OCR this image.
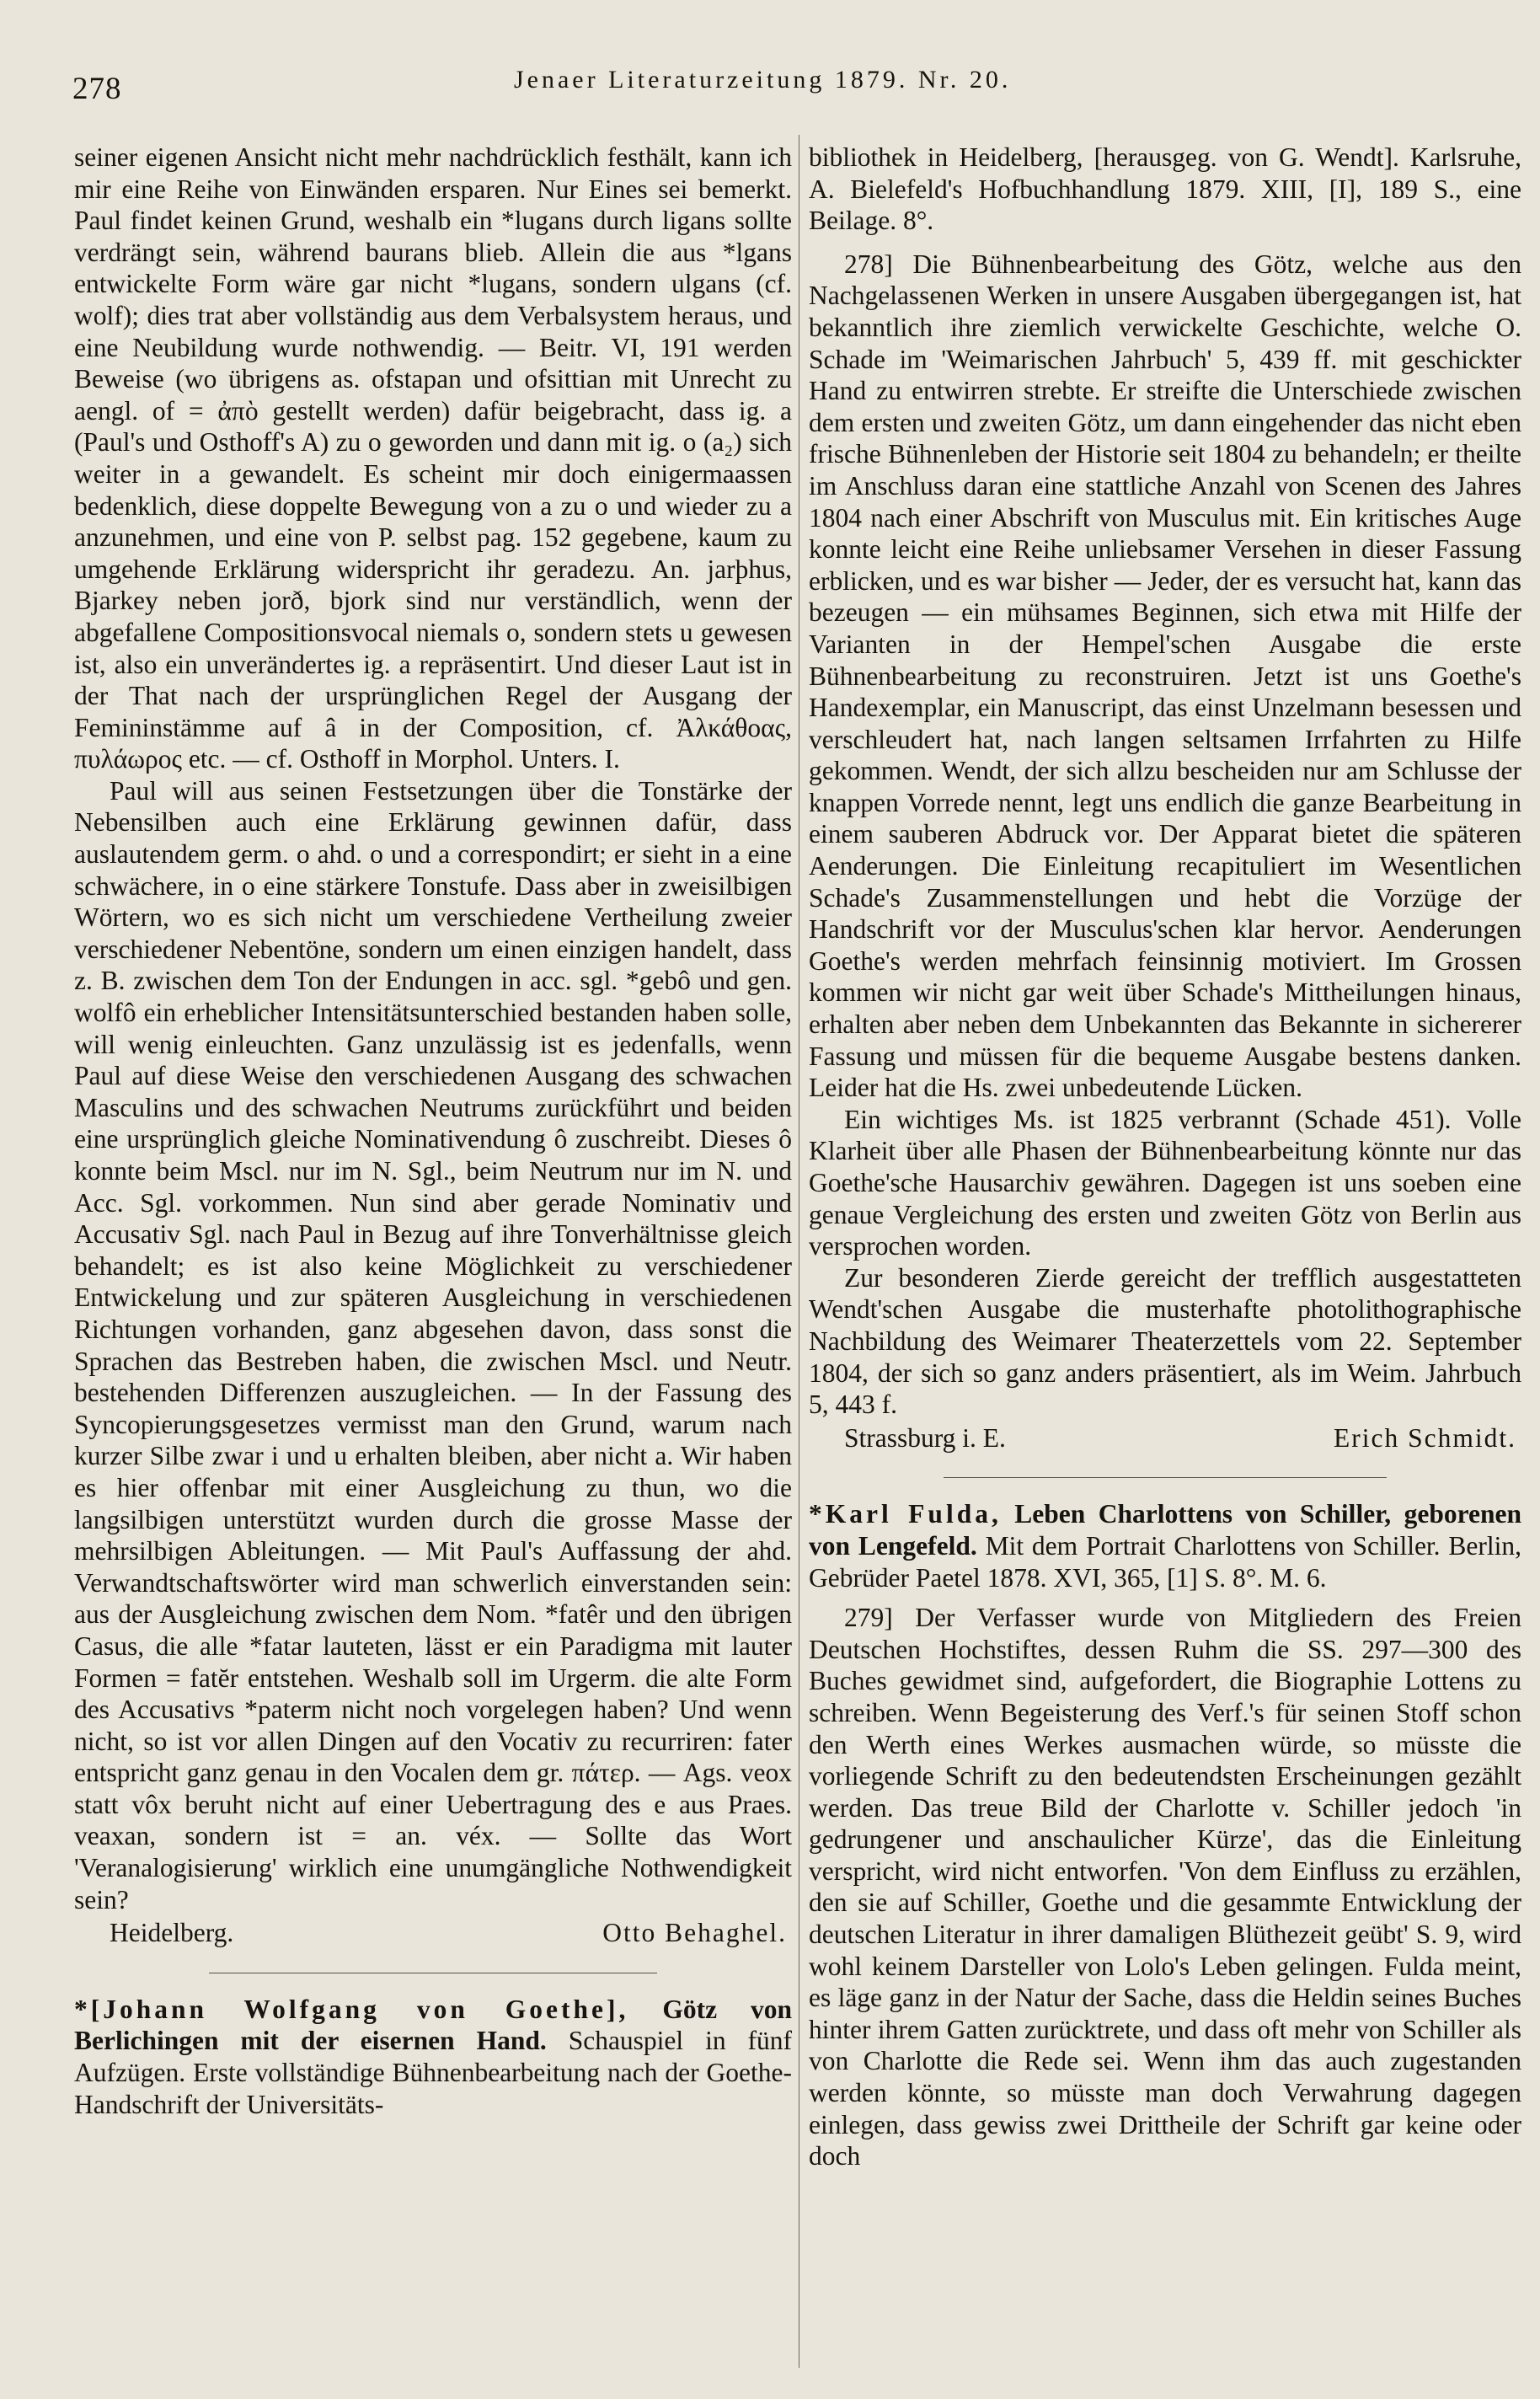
278	Jenaer Literaturzeitung 1879. Nr. 20.

seiner eigenen Ansicht nicht mehr nachdrücklich festhält, kann ich mir eine Reihe von Einwänden ersparen. Nur Eines sei bemerkt. Paul findet keinen Grund, weshalb ein *lugans durch ligans sollte verdrängt sein, während baurans blieb. Allein die aus *lgans entwickelte Form wäre gar nicht *lugans, sondern ulgans (cf. wolf); dies trat aber vollständig aus dem Verbalsystem heraus, und eine Neubildung wurde nothwendig. — Beitr. VI, 191 werden Beweise (wo übrigens as. ofstapan und ofsittian mit Unrecht zu aengl. of = ἀπὸ gestellt werden) dafür beigebracht, dass ig. a (Paul's und Osthoff's A) zu o geworden und dann mit ig. o (a₂) sich weiter in a gewandelt. Es scheint mir doch einigermaassen bedenklich, diese doppelte Bewegung von a zu o und wieder zu a anzunehmen, und eine von P. selbst pag. 152 gegebene, kaum zu umgehende Erklärung widerspricht ihr geradezu. An. jarþhus, Bjarkey neben jorð, bjork sind nur verständlich, wenn der abgefallene Compositionsvocal niemals o, sondern stets u gewesen ist, also ein unverändertes ig. a repräsentirt. Und dieser Laut ist in der That nach der ursprünglichen Regel der Ausgang der Femininstämme auf â in der Composition, cf. Ἀλκάθοας, πυλάωρος etc. — cf. Osthoff in Morphol. Unters. I.

Paul will aus seinen Festsetzungen über die Tonstärke der Nebensilben auch eine Erklärung gewinnen dafür, dass auslautendem germ. o ahd. o und a correspondirt; er sieht in a eine schwächere, in o eine stärkere Tonstufe. Dass aber in zweisilbigen Wörtern, wo es sich nicht um verschiedene Vertheilung zweier verschiedener Nebentöne, sondern um einen einzigen handelt, dass z. B. zwischen dem Ton der Endungen in acc. sgl. *gebô und gen. wolfô ein erheblicher Intensitätsunterschied bestanden haben solle, will wenig einleuchten. Ganz unzulässig ist es jedenfalls, wenn Paul auf diese Weise den verschiedenen Ausgang des schwachen Masculins und des schwachen Neutrums zurückführt und beiden eine ursprünglich gleiche Nominativendung ô zuschreibt. Dieses ô konnte beim Mscl. nur im N. Sgl., beim Neutrum nur im N. und Acc. Sgl. vorkommen. Nun sind aber gerade Nominativ und Accusativ Sgl. nach Paul in Bezug auf ihre Tonverhältnisse gleich behandelt; es ist also keine Möglichkeit zu verschiedener Entwickelung und zur späteren Ausgleichung in verschiedenen Richtungen vorhanden, ganz abgesehen davon, dass sonst die Sprachen das Bestreben haben, die zwischen Mscl. und Neutr. bestehenden Differenzen auszugleichen. — In der Fassung des Syncopierungsgesetzes vermisst man den Grund, warum nach kurzer Silbe zwar i und u erhalten bleiben, aber nicht a. Wir haben es hier offenbar mit einer Ausgleichung zu thun, wo die langsilbigen unterstützt wurden durch die grosse Masse der mehrsilbigen Ableitungen. — Mit Paul's Auffassung der ahd. Verwandtschaftswörter wird man schwerlich einverstanden sein: aus der Ausgleichung zwischen dem Nom. *fatêr und den übrigen Casus, die alle *fatar lauteten, lässt er ein Paradigma mit lauter Formen = fatĕr entstehen. Weshalb soll im Urgerm. die alte Form des Accusativs *paterm nicht noch vorgelegen haben? Und wenn nicht, so ist vor allen Dingen auf den Vocativ zu recurriren: fater entspricht ganz genau in den Vocalen dem gr. πάτερ. — Ags. veox statt vôx beruht nicht auf einer Uebertragung des e aus Praes. veaxan, sondern ist = an. véx. — Sollte das Wort 'Veranalogisierung' wirklich eine unumgängliche Nothwendigkeit sein?

Heidelberg.	Otto Behaghel.

* [Johann Wolfgang von Goethe], Götz von Berlichingen mit der eisernen Hand. Schauspiel in fünf Aufzügen. Erste vollständige Bühnenbearbeitung nach der Goethe-Handschrift der Universitäts-

bibliothek in Heidelberg, [herausgeg. von G. Wendt]. Karlsruhe, A. Bielefeld's Hofbuchhandlung 1879. XIII, [I], 189 S., eine Beilage. 8°.

278] Die Bühnenbearbeitung des Götz, welche aus den Nachgelassenen Werken in unsere Ausgaben übergegangen ist, hat bekanntlich ihre ziemlich verwickelte Geschichte, welche O. Schade im 'Weimarischen Jahrbuch' 5, 439 ff. mit geschickter Hand zu entwirren strebte. Er streifte die Unterschiede zwischen dem ersten und zweiten Götz, um dann eingehender das nicht eben frische Bühnenleben der Historie seit 1804 zu behandeln; er theilte im Anschluss daran eine stattliche Anzahl von Scenen des Jahres 1804 nach einer Abschrift von Musculus mit. Ein kritisches Auge konnte leicht eine Reihe unliebsamer Versehen in dieser Fassung erblicken, und es war bisher — Jeder, der es versucht hat, kann das bezeugen — ein mühsames Beginnen, sich etwa mit Hilfe der Varianten in der Hempel'schen Ausgabe die erste Bühnenbearbeitung zu reconstruiren. Jetzt ist uns Goethe's Handexemplar, ein Manuscript, das einst Unzelmann besessen und verschleudert hat, nach langen seltsamen Irrfahrten zu Hilfe gekommen. Wendt, der sich allzu bescheiden nur am Schlusse der knappen Vorrede nennt, legt uns endlich die ganze Bearbeitung in einem sauberen Abdruck vor. Der Apparat bietet die späteren Aenderungen. Die Einleitung recapituliert im Wesentlichen Schade's Zusammenstellungen und hebt die Vorzüge der Handschrift vor der Musculus'schen klar hervor. Aenderungen Goethe's werden mehrfach feinsinnig motiviert. Im Grossen kommen wir nicht gar weit über Schade's Mittheilungen hinaus, erhalten aber neben dem Unbekannten das Bekannte in sichererer Fassung und müssen für die bequeme Ausgabe bestens danken. Leider hat die Hs. zwei unbedeutende Lücken.

Ein wichtiges Ms. ist 1825 verbrannt (Schade 451). Volle Klarheit über alle Phasen der Bühnenbearbeitung könnte nur das Goethe'sche Hausarchiv gewähren. Dagegen ist uns soeben eine genaue Vergleichung des ersten und zweiten Götz von Berlin aus versprochen worden.

Zur besonderen Zierde gereicht der trefflich ausgestatteten Wendt'schen Ausgabe die musterhafte photolithographische Nachbildung des Weimarer Theaterzettels vom 22. September 1804, der sich so ganz anders präsentiert, als im Weim. Jahrbuch 5, 443 f.

Strassburg i. E.	Erich Schmidt.

* Karl Fulda, Leben Charlottens von Schiller, geborenen von Lengefeld. Mit dem Portrait Charlottens von Schiller. Berlin, Gebrüder Paetel 1878. XVI, 365, [1] S. 8°. M. 6.

279] Der Verfasser wurde von Mitgliedern des Freien Deutschen Hochstiftes, dessen Ruhm die SS. 297—300 des Buches gewidmet sind, aufgefordert, die Biographie Lottens zu schreiben. Wenn Begeisterung des Verf.'s für seinen Stoff schon den Werth eines Werkes ausmachen würde, so müsste die vorliegende Schrift zu den bedeutendsten Erscheinungen gezählt werden. Das treue Bild der Charlotte v. Schiller jedoch 'in gedrungener und anschaulicher Kürze', das die Einleitung verspricht, wird nicht entworfen. 'Von dem Einfluss zu erzählen, den sie auf Schiller, Goethe und die gesammte Entwicklung der deutschen Literatur in ihrer damaligen Blüthezeit geübt' S. 9, wird wohl keinem Darsteller von Lolo's Leben gelingen. Fulda meint, es läge ganz in der Natur der Sache, dass die Heldin seines Buches hinter ihrem Gatten zurücktrete, und dass oft mehr von Schiller als von Charlotte die Rede sei. Wenn ihm das auch zugestanden werden könnte, so müsste man doch Verwahrung dagegen einlegen, dass gewiss zwei Drittheile der Schrift gar keine oder doch
